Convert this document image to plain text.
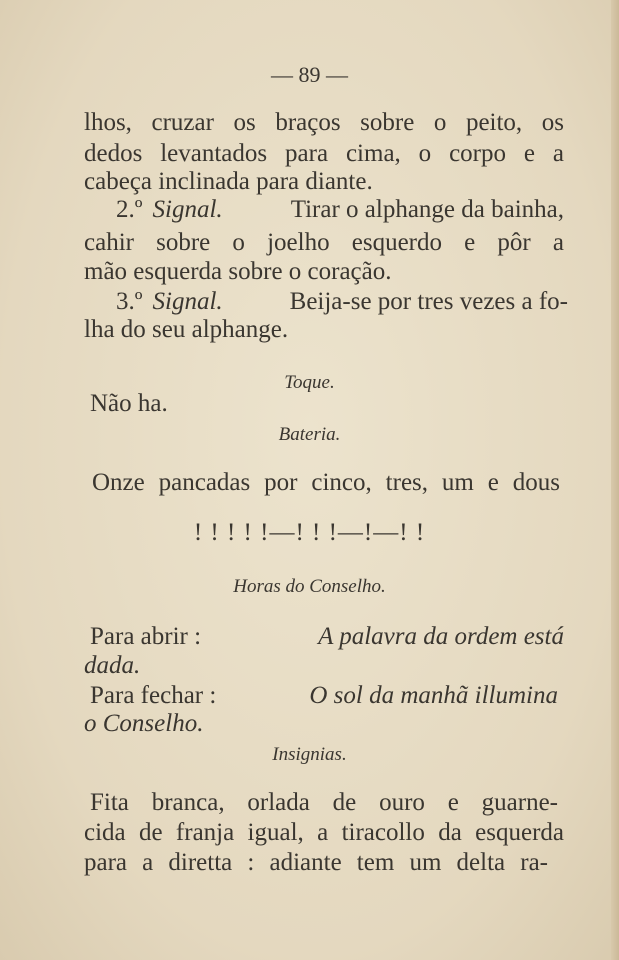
— 89 —
lhos, cruzar os braços sobre o peito, os
dedos levantados para cima, o corpo e a
cabeça inclinada para diante.
2.º Signal.	Tirar o alphange da bainha,
cahir sobre o joelho esquerdo e pôr a
mão esquerda sobre o coração.
3.º Signal.	Beija-se por tres vezes a fo-
lha do seu alphange.
Toque.
Não ha.
Bateria.
Onze pancadas por cinco, tres, um e dous
! ! ! ! !—! ! !—!—! !
Horas do Conselho.
Para abrir :	A palavra da ordem está
dada.
Para fechar :	O sol da manhã illumina
o Conselho.
Insignias.
Fita branca, orlada de ouro e guarne-
cida de franja igual, a tiracollo da esquerda
para a diretta : adiante tem um delta ra-
